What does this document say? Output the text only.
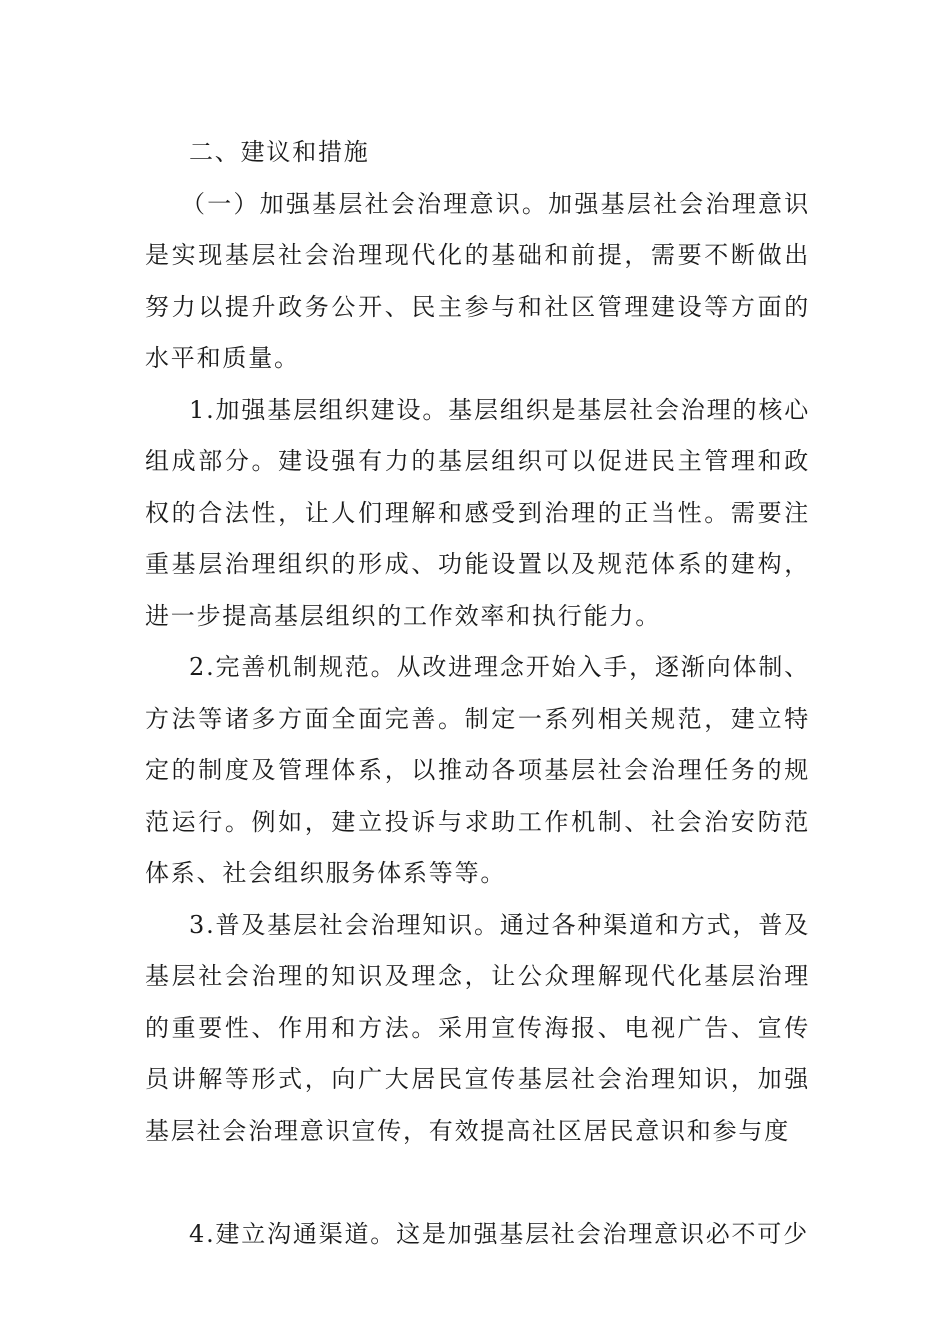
二、建议和措施

（一）加强基层社会治理意识。加强基层社会治理意识是实现基层社会治理现代化的基础和前提，需要不断做出努力以提升政务公开、民主参与和社区管理建设等方面的水平和质量。

1.加强基层组织建设。基层组织是基层社会治理的核心组成部分。建设强有力的基层组织可以促进民主管理和政权的合法性，让人们理解和感受到治理的正当性。需要注重基层治理组织的形成、功能设置以及规范体系的建构，进一步提高基层组织的工作效率和执行能力。

2.完善机制规范。从改进理念开始入手，逐渐向体制、方法等诸多方面全面完善。制定一系列相关规范，建立特定的制度及管理体系，以推动各项基层社会治理任务的规范运行。例如，建立投诉与求助工作机制、社会治安防范体系、社会组织服务体系等等。

3.普及基层社会治理知识。通过各种渠道和方式，普及基层社会治理的知识及理念，让公众理解现代化基层治理的重要性、作用和方法。采用宣传海报、电视广告、宣传员讲解等形式，向广大居民宣传基层社会治理知识，加强基层社会治理意识宣传，有效提高社区居民意识和参与度

4.建立沟通渠道。这是加强基层社会治理意识必不可少
